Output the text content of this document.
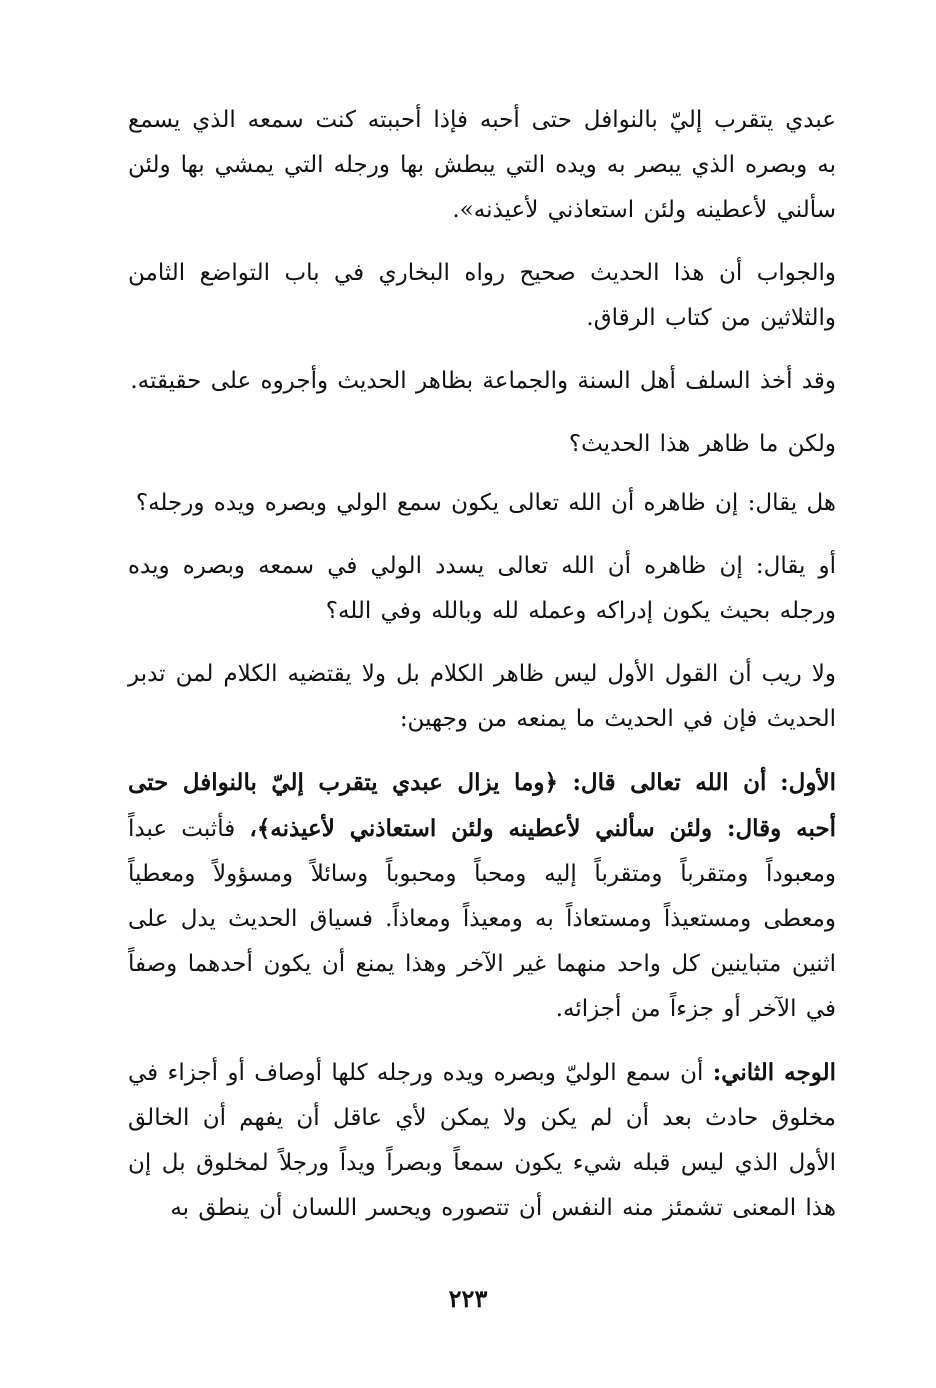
عبدي يتقرب إليّ بالنوافل حتى أحبه فإذا أحببته كنت سمعه الذي يسمع به وبصره الذي يبصر به ويده التي يبطش بها ورجله التي يمشي بها ولئن سألني لأعطينه ولئن استعاذني لأعيذنه».

والجواب أن هذا الحديث صحيح رواه البخاري في باب التواضع الثامن والثلاثين من كتاب الرقاق.

وقد أخذ السلف أهل السنة والجماعة بظاهر الحديث وأجروه على حقيقته.

ولكن ما ظاهر هذا الحديث؟

هل يقال: إن ظاهره أن الله تعالى يكون سمع الولي وبصره ويده ورجله؟

أو يقال: إن ظاهره أن الله تعالى يسدد الولي في سمعه وبصره ويده ورجله بحيث يكون إدراكه وعمله لله وبالله وفي الله؟

ولا ريب أن القول الأول ليس ظاهر الكلام بل ولا يقتضيه الكلام لمن تدبر الحديث فإن في الحديث ما يمنعه من وجهين:

الأول: أن الله تعالى قال: ﴿وما يزال عبدي يتقرب إليّ بالنوافل حتى أحبه وقال: ولئن سألني لأعطينه ولئن استعاذني لأعيذنه﴾، فأثبت عبداً ومعبوداً ومتقرباً ومتقرباً إليه ومحباً ومحبوباً وسائلاً ومسؤولاً ومعطياً ومعطى ومستعيذاً ومستعاذاً به ومعيذاً ومعاذاً. فسياق الحديث يدل على اثنين متباينين كل واحد منهما غير الآخر وهذا يمنع أن يكون أحدهما وصفاً في الآخر أو جزءاً من أجزائه.

الوجه الثاني: أن سمع الوليّ وبصره ويده ورجله كلها أوصاف أو أجزاء في مخلوق حادث بعد أن لم يكن ولا يمكن لأي عاقل أن يفهم أن الخالق الأول الذي ليس قبله شيء يكون سمعاً وبصراً ويداً ورجلاً لمخلوق بل إن هذا المعنى تشمئز منه النفس أن تتصوره ويحسر اللسان أن ينطق به

٢٢٣
